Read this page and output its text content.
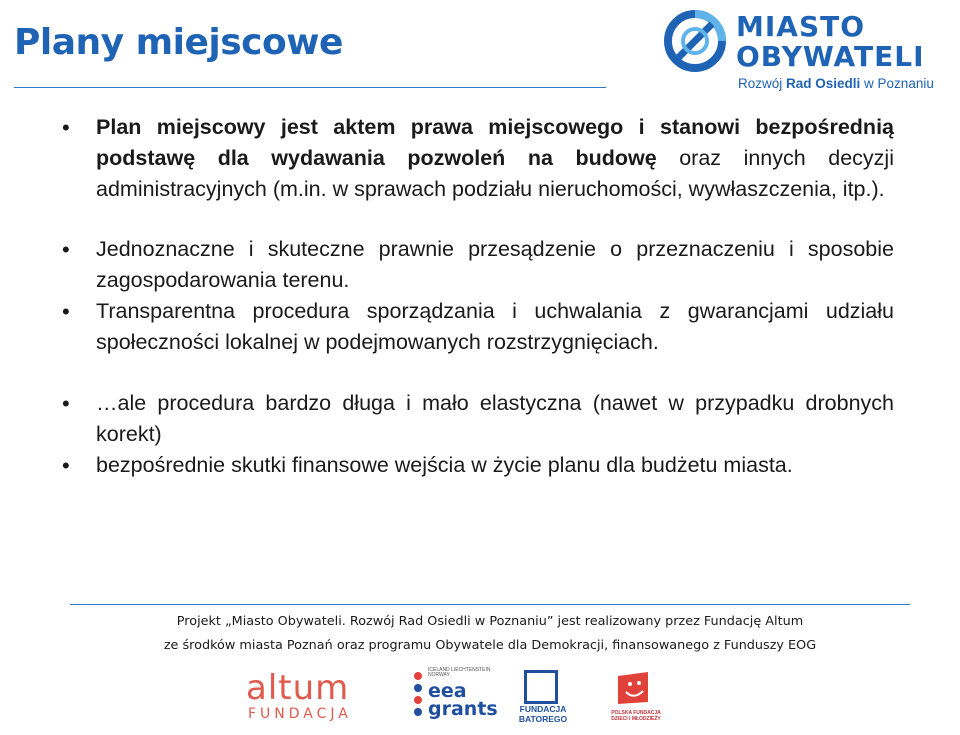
Plany miejscowe	MIASTO
OBYWATELI
Rozwój Rad Osiedli w Poznaniu
• Plan miejscowy jest aktem prawa miejscowego i stanowi bezpośrednią podstawę dla wydawania pozwoleń na budowę oraz innych decyzji administracyjnych (m.in. w sprawach podziału nieruchomości, wywłaszczenia, itp.).
• Jednoznaczne i skuteczne prawnie przesądzenie o przeznaczeniu i sposobie zagospodarowania terenu.
• Transparentna procedura sporządzania i uchwalania z gwarancjami udziału społeczności lokalnej w podejmowanych rozstrzygnięciach.
• …ale procedura bardzo długa i mało elastyczna (nawet w przypadku drobnych korekt)
• bezpośrednie skutki finansowe wejścia w życie planu dla budżetu miasta.
Projekt „Miasto Obywateli. Rozwój Rad Osiedli w Poznaniu” jest realizowany przez Fundację Altum
ze środków miasta Poznań oraz programu Obywatele dla Demokracji, finansowanego z Funduszy EOG
altum
FUNDACJA
ICELAND LIECHTENSTEIN NORWAY
eea
grants	FUNDACJA
BATOREGO
POLSKA FUNDACJA DZIECI I MŁODZIEŻY
